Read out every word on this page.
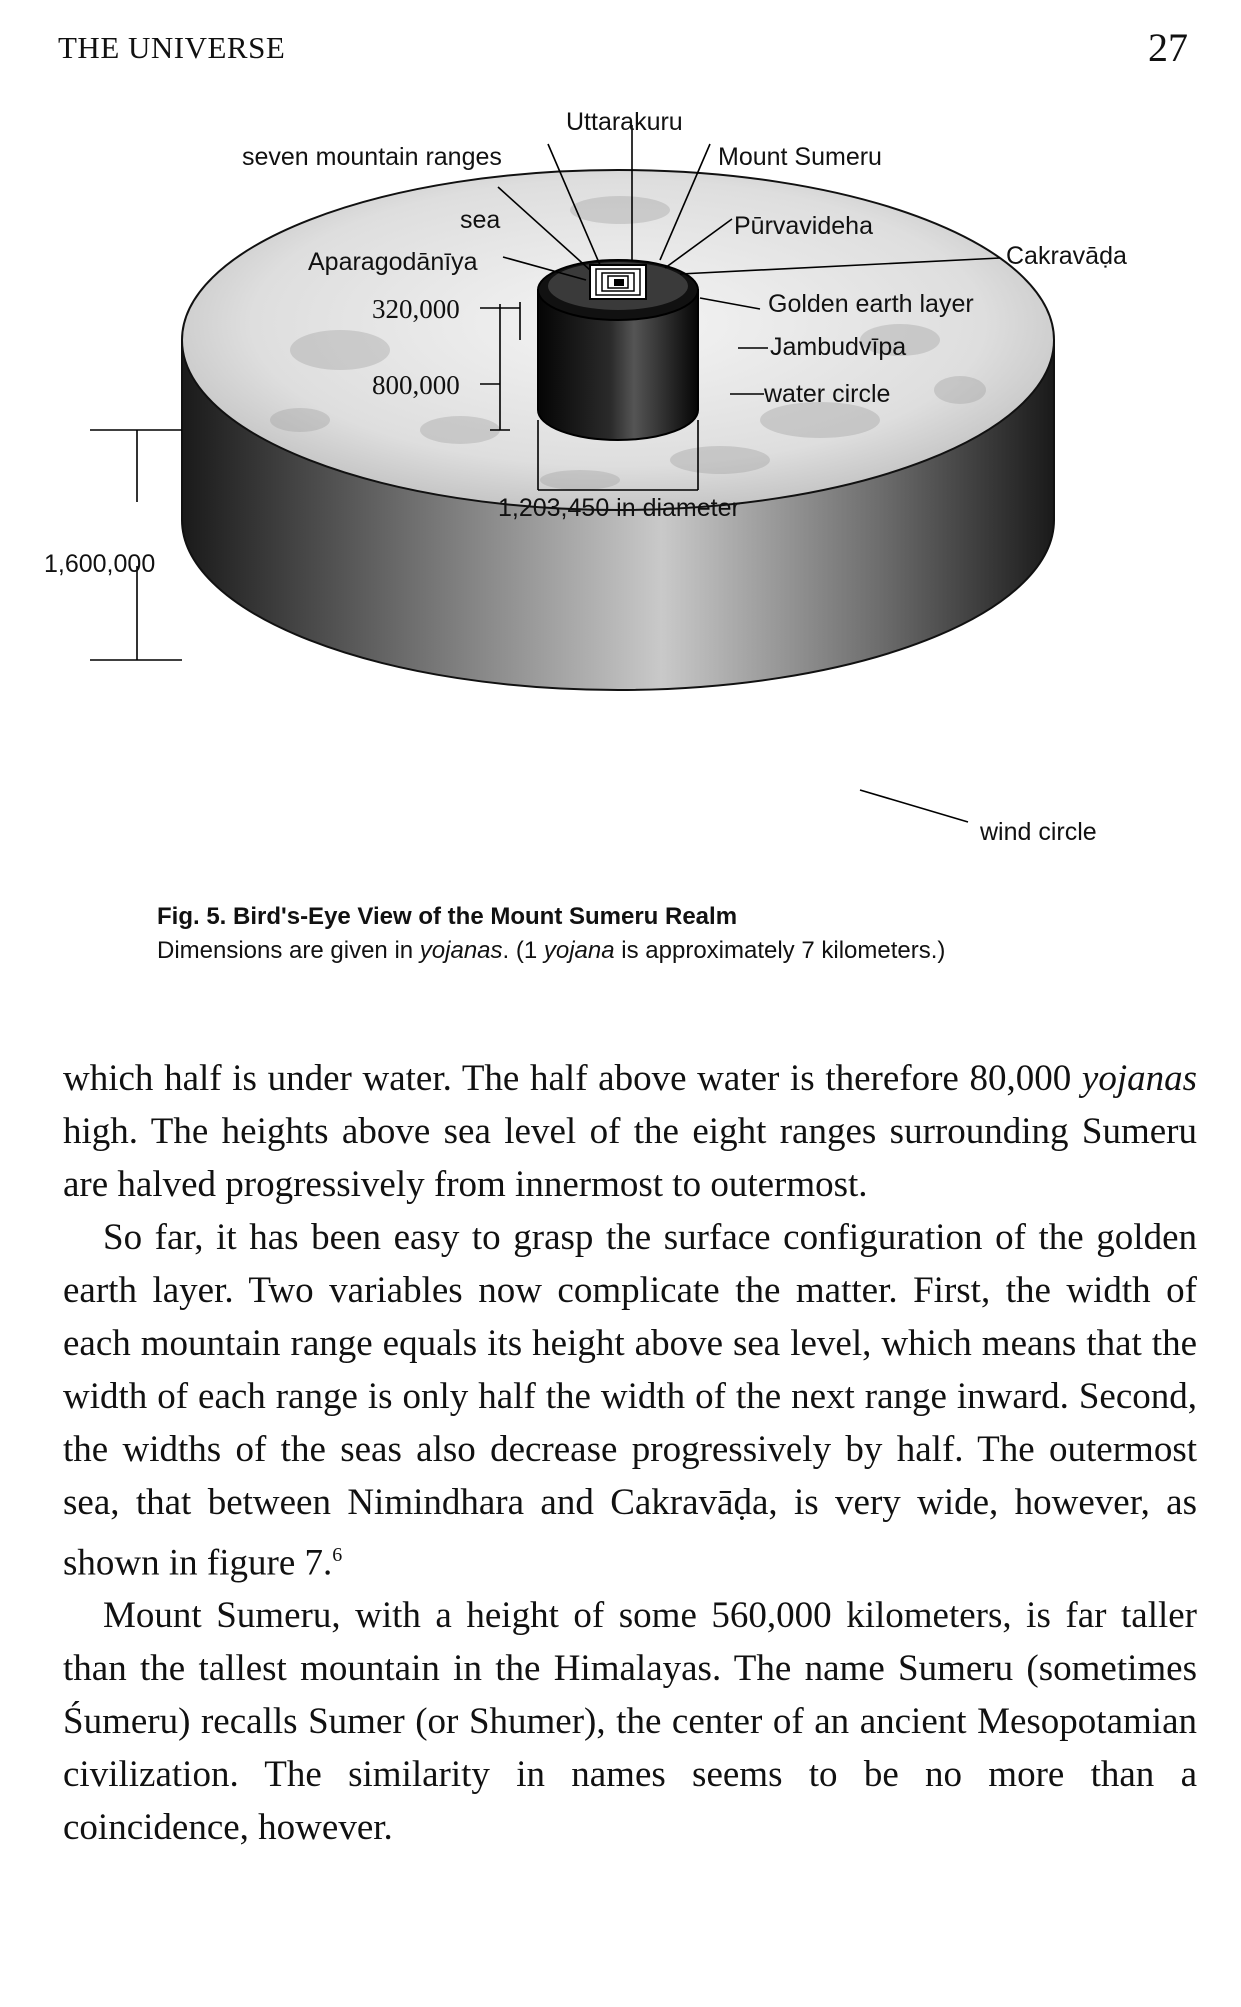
THE UNIVERSE	27
Uttarakuru
seven mountain ranges	Mount Sumeru
sea	Pūrvavideha
Aparagodānīya	Cakravāḍa
320,000	Golden earth layer
Jambudvīpa
800,000	water circle
1,203,450 in diameter
1,600,000
wind circle
Fig. 5. Bird's-Eye View of the Mount Sumeru Realm
Dimensions are given in yojanas. (1 yojana is approximately 7 kilometers.)

which half is under water. The half above water is therefore 80,000 yojanas high. The heights above sea level of the eight ranges surrounding Sumeru are halved progressively from innermost to outermost.

So far, it has been easy to grasp the surface configuration of the golden earth layer. Two variables now complicate the matter. First, the width of each mountain range equals its height above sea level, which means that the width of each range is only half the width of the next range inward. Second, the widths of the seas also decrease progressively by half. The outermost sea, that between Nimindhara and Cakravāḍa, is very wide, however, as shown in figure 7.$^6$

Mount Sumeru, with a height of some 560,000 kilometers, is far taller than the tallest mountain in the Himalayas. The name Sumeru (sometimes Śumeru) recalls Sumer (or Shumer), the center of an ancient Mesopotamian civilization. The similarity in names seems to be no more than a coincidence, however.
